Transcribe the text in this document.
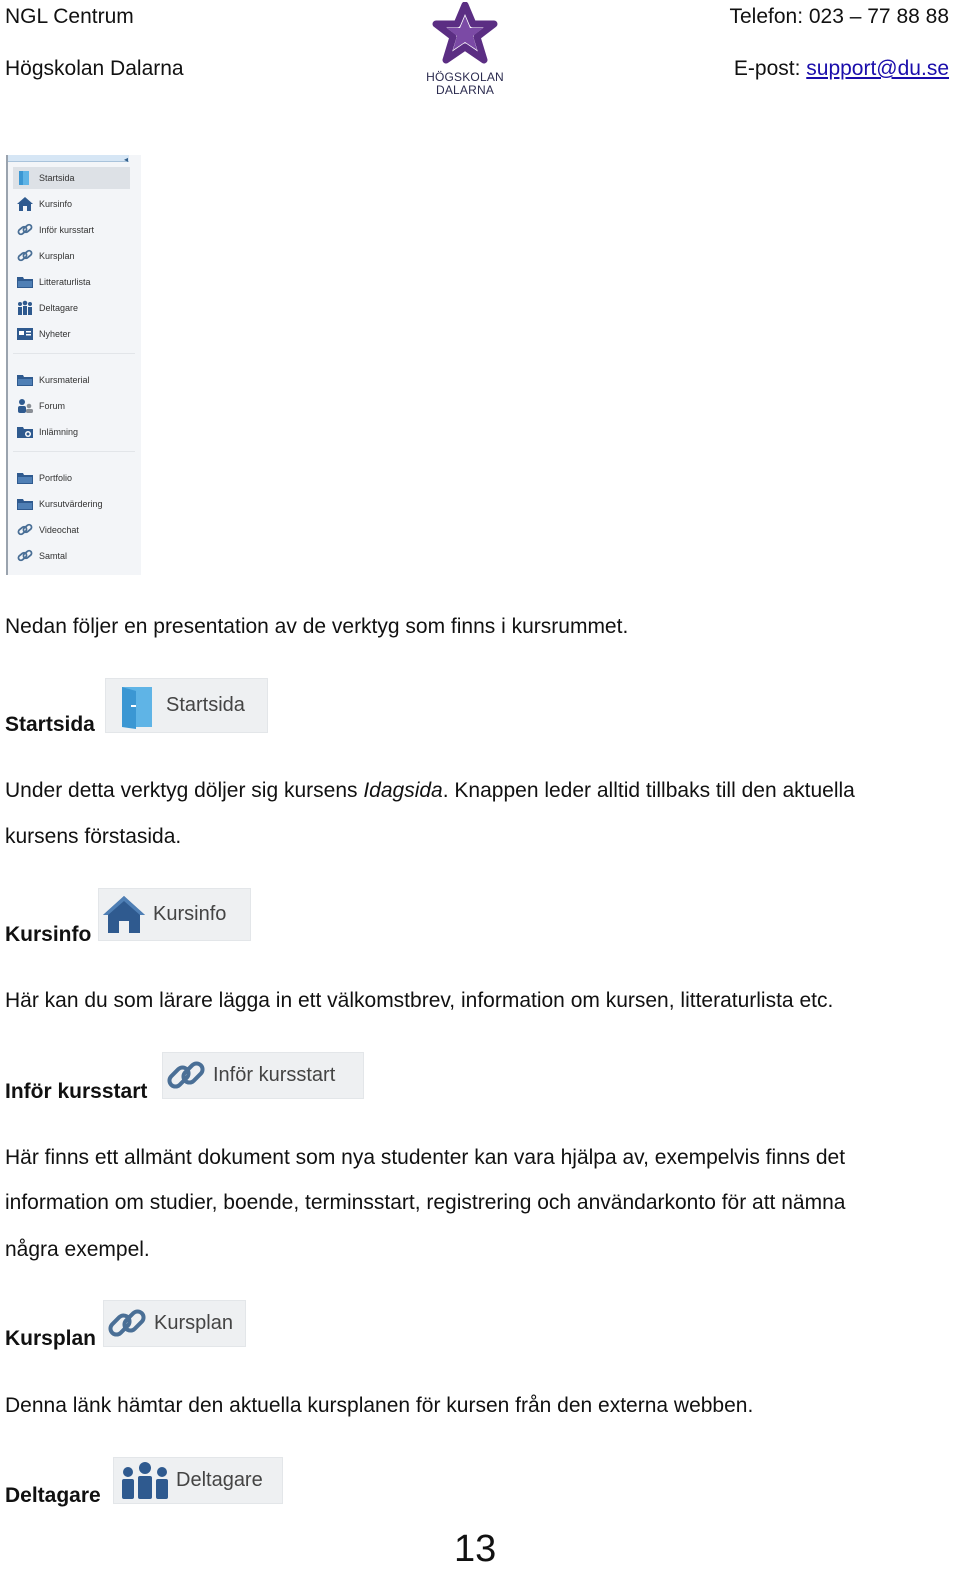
NGL Centrum
Högskolan Dalarna	HÖGSKOLAN
DALARNA
Telefon: 023 – 77 88 88
E-post: support@du.se
◂
Startsida
Kursinfo
Inför kursstart
Kursplan
Litteraturlista
Deltagare
Nyheter
Kursmaterial
Forum
Inlämning
Portfolio
Kursutvärdering
Videochat
Samtal
Nedan följer en presentation av de verktyg som finns i kursrummet.
Startsida
Startsida
Under detta verktyg döljer sig kursens Idagsida. Knappen leder alltid tillbaks till den aktuella
kursens förstasida.
Kursinfo
Kursinfo
Här kan du som lärare lägga in ett välkomstbrev, information om kursen, litteraturlista etc.
Inför kursstart
Inför kursstart
Här finns ett allmänt dokument som nya studenter kan vara hjälpa av, exempelvis finns det
information om studier, boende, terminsstart, registrering och användarkonto för att nämna
några exempel.
Kursplan
Kursplan
Denna länk hämtar den aktuella kursplanen för kursen från den externa webben.
Deltagare
Deltagare
13
